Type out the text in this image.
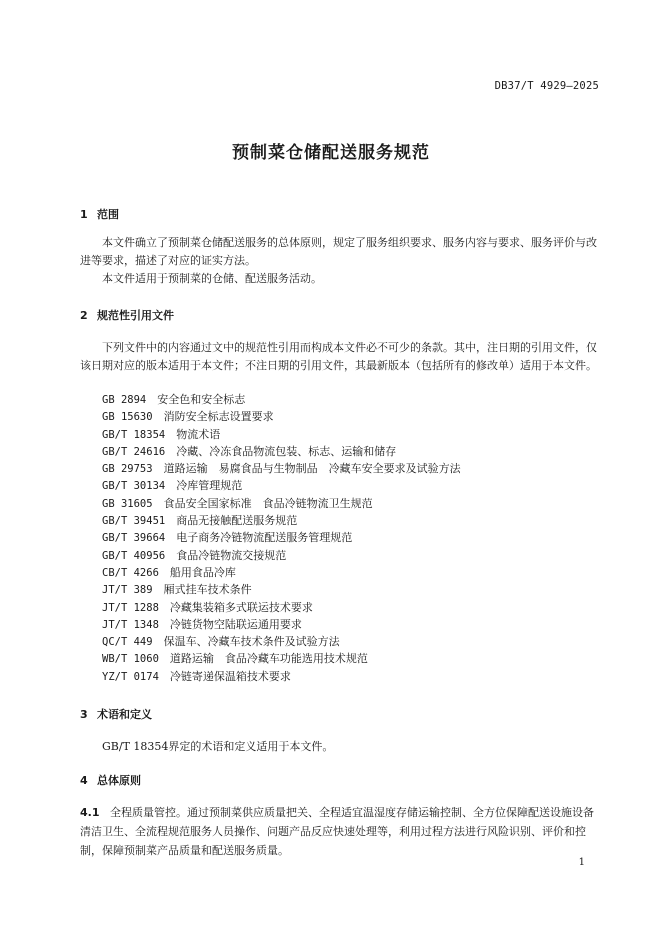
DB37/T 4929—2025
预制菜仓储配送服务规范
1 范围
本文件确立了预制菜仓储配送服务的总体原则，规定了服务组织要求、服务内容与要求、服务评价与改进等要求，描述了对应的证实方法。
本文件适用于预制菜的仓储、配送服务活动。
2 规范性引用文件
下列文件中的内容通过文中的规范性引用而构成本文件必不可少的条款。其中，注日期的引用文件，仅该日期对应的版本适用于本文件；不注日期的引用文件，其最新版本（包括所有的修改单）适用于本文件。
GB 2894　 安全色和安全标志
GB 15630　 消防安全标志设置要求
GB/T 18354　 物流术语
GB/T 24616　 冷藏、冷冻食品物流包装、标志、运输和储存
GB 29753　 道路运输　易腐食品与生物制品　冷藏车安全要求及试验方法
GB/T 30134　 冷库管理规范
GB 31605　 食品安全国家标准　食品冷链物流卫生规范
GB/T 39451　 商品无接触配送服务规范
GB/T 39664　 电子商务冷链物流配送服务管理规范
GB/T 40956　 食品冷链物流交接规范
CB/T 4266　 船用食品冷库
JT/T 389　 厢式挂车技术条件
JT/T 1288　 冷藏集装箱多式联运技术要求
JT/T 1348　 冷链货物空陆联运通用要求
QC/T 449　 保温车、冷藏车技术条件及试验方法
WB/T 1060　 道路运输　食品冷藏车功能选用技术规范
YZ/T 0174　 冷链寄递保温箱技术要求
3 术语和定义
GB/T 18354界定的术语和定义适用于本文件。
4 总体原则
4.1 全程质量管控。通过预制菜供应质量把关、全程适宜温湿度存储运输控制、全方位保障配送设施设备清洁卫生、全流程规范服务人员操作、问题产品反应快速处理等，利用过程方法进行风险识别、评价和控制，保障预制菜产品质量和配送服务质量。
1
